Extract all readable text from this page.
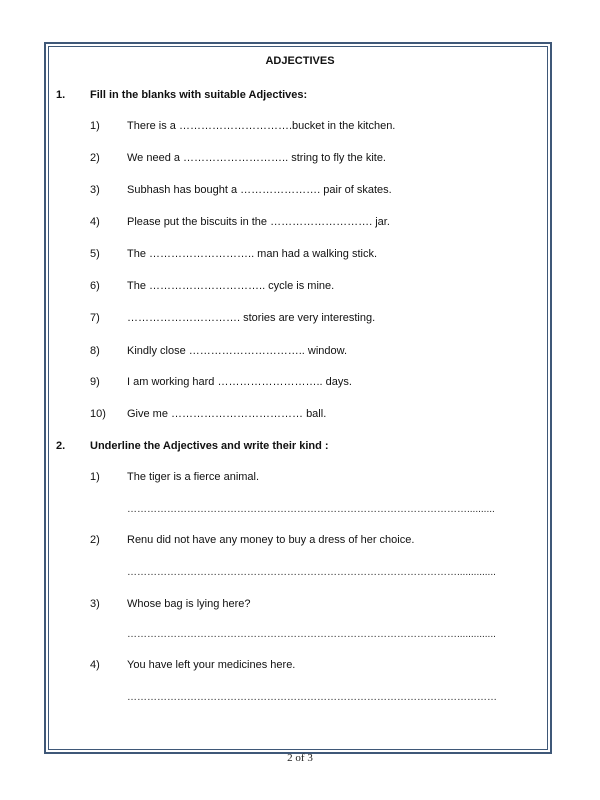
ADJECTIVES
1. Fill in the blanks with suitable Adjectives:
1) There is a ………………………….bucket in the kitchen.
2) We need a ……………………….. string to fly the kite.
3) Subhash has bought a …………………. pair of skates.
4) Please put the biscuits in the ………………………. jar.
5) The ……………………….. man had a walking stick.
6) The ………………………….. cycle is mine.
7) …………………………. stories are very interesting.
8) Kindly close ………………………….. window.
9) I am working hard ……………………….. days.
10) Give me ……………………………… ball.
2. Underline the Adjectives and write their kind :
1) The tiger is a fierce animal.
…………………………………………………………………………………………..........
2) Renu did not have any money to buy a dress of her choice.
………………………………………………………………………………………..............
3) Whose bag is lying here?
………………………………………………………………………………………..............
4) You have left your medicines here.
…………………………………………………………………………………………………
2 of 3
